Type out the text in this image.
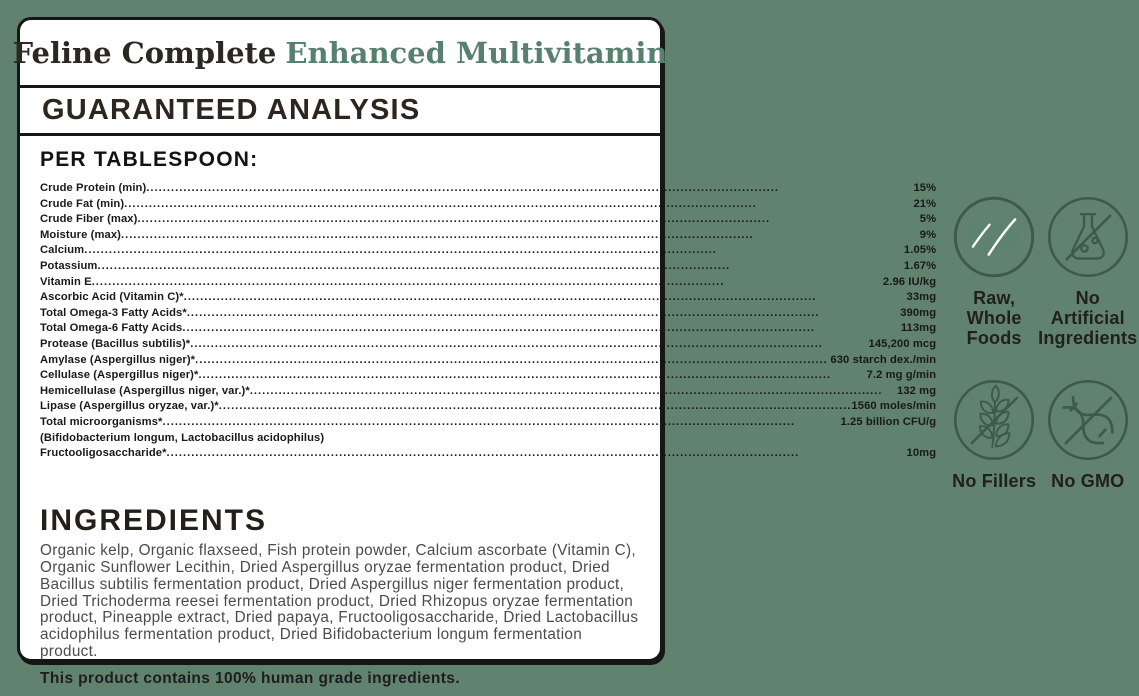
Feline Complete Enhanced Multivitamin
GUARANTEED ANALYSIS
PER TABLESPOON:
Crude Protein (min) .....	15%
Crude Fat (min) .....	21%
Crude Fiber (max) .....	5%
Moisture (max) .....	9%
Calcium .....	1.05%
Potassium .....	1.67%
Vitamin E .....	2.96 IU/kg
Ascorbic Acid (Vitamin C)* .....	33mg
Total Omega-3 Fatty Acids* .....	390mg
Total Omega-6 Fatty Acids .....	113mg
Protease (Bacillus subtilis)* .....	145,200 mcg
Amylase (Aspergillus niger)* .....	630 starch dex./min
Cellulase (Aspergillus niger)* .....	7.2 mg g/min
Hemicellulase (Aspergillus niger, var.)* .....	132 mg
Lipase (Aspergillus oryzae, var.)* .....	1560 moles/min
Total microorganisms* .....	1.25 billion CFU/g
(Bifidobacterium longum, Lactobacillus acidophilus)
Fructooligosaccharide* .....	10mg
Raw, Whole
Foods
No Artificial
Ingredients
No Fillers No GMO
INGREDIENTS

Organic kelp, Organic flaxseed, Fish protein powder, Calcium ascorbate (Vitamin C), Organic Sunflower Lecithin, Dried Aspergillus oryzae fermentation product, Dried Bacillus subtilis fermentation product, Dried Aspergillus niger fermentation product, Dried Trichoderma reesei fermentation product, Dried Rhizopus oryzae fermentation product, Pineapple extract, Dried papaya, Fructooligosaccharide, Dried Lactobacillus acidophilus fermentation product, Dried Bifidobacterium longum fermentation product.

This product contains 100% human grade ingredients.
